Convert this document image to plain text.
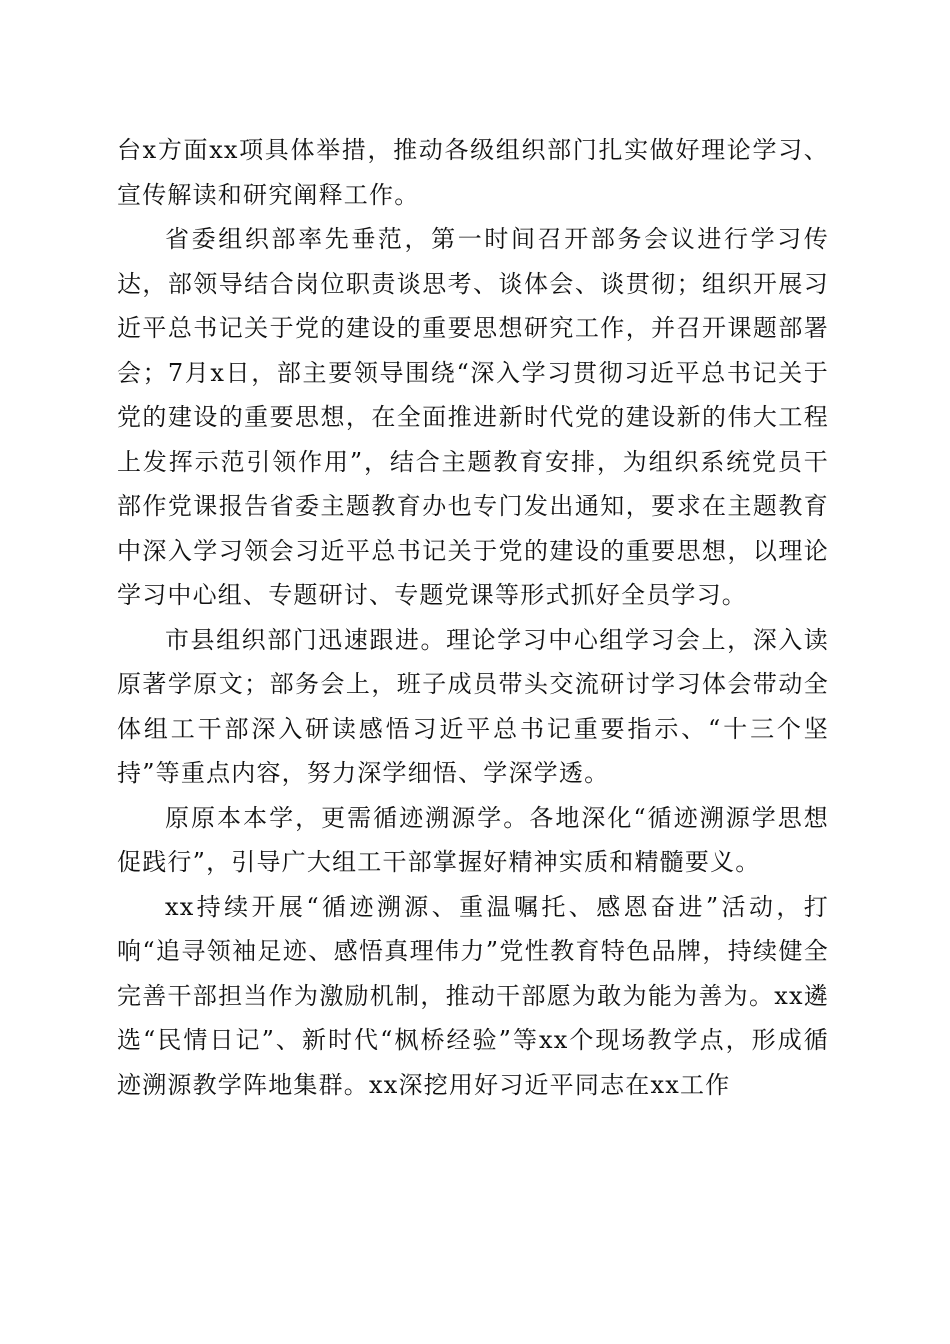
台x方面xx项具体举措，推动各级组织部门扎实做好理论学习、宣传解读和研究阐释工作。

省委组织部率先垂范，第一时间召开部务会议进行学习传达，部领导结合岗位职责谈思考、谈体会、谈贯彻；组织开展习近平总书记关于党的建设的重要思想研究工作，并召开课题部署会；7月x日，部主要领导围绕“深入学习贯彻习近平总书记关于党的建设的重要思想，在全面推进新时代党的建设新的伟大工程上发挥示范引领作用”，结合主题教育安排，为组织系统党员干部作党课报告省委主题教育办也专门发出通知，要求在主题教育中深入学习领会习近平总书记关于党的建设的重要思想，以理论学习中心组、专题研讨、专题党课等形式抓好全员学习。

市县组织部门迅速跟进。理论学习中心组学习会上，深入读原著学原文；部务会上，班子成员带头交流研讨学习体会带动全体组工干部深入研读感悟习近平总书记重要指示、“十三个坚持”等重点内容，努力深学细悟、学深学透。

原原本本学，更需循迹溯源学。各地深化“循迹溯源学思想促践行”，引导广大组工干部掌握好精神实质和精髓要义。

xx持续开展“循迹溯源、重温嘱托、感恩奋进”活动，打响“追寻领袖足迹、感悟真理伟力”党性教育特色品牌，持续健全完善干部担当作为激励机制，推动干部愿为敢为能为善为。xx遴选“民情日记”、新时代“枫桥经验”等xx个现场教学点，形成循迹溯源教学阵地集群。xx深挖用好习近平同志在xx工作
